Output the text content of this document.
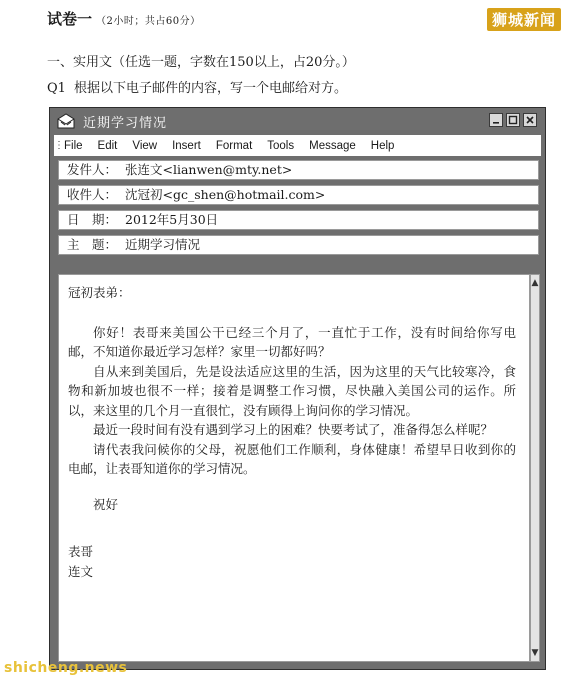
试卷一 （2小时；共占60分）	狮城新闻
一、实用文（任选一题，字数在150以上，占20分。）
Q1 根据以下电子邮件的内容，写一个电邮给对方。
近期学习情况
⋮ File Edit View Insert Format Tools Message Help
发件人： 张连文<lianwen@mty.net>
收件人： 沈冠初<gc_shen@hotmail.com>
日　期： 2012年5月30日
主　题： 近期学习情况

冠初表弟：

你好！表哥来美国公干已经三个月了，一直忙于工作，没有时间给你写电邮，不知道你最近学习怎样？家里一切都好吗？

自从来到美国后，先是设法适应这里的生活，因为这里的天气比较寒冷，食物和新加坡也很不一样；接着是调整工作习惯，尽快融入美国公司的运作。所以，来这里的几个月一直很忙，没有顾得上询问你的学习情况。

最近一段时间有没有遇到学习上的困难？快要考试了，准备得怎么样呢？

请代表我问候你的父母，祝愿他们工作顺利，身体健康！希望早日收到你的电邮，让表哥知道你的学习情况。

祝好

表哥

连文

▲
▼
shicheng.news
